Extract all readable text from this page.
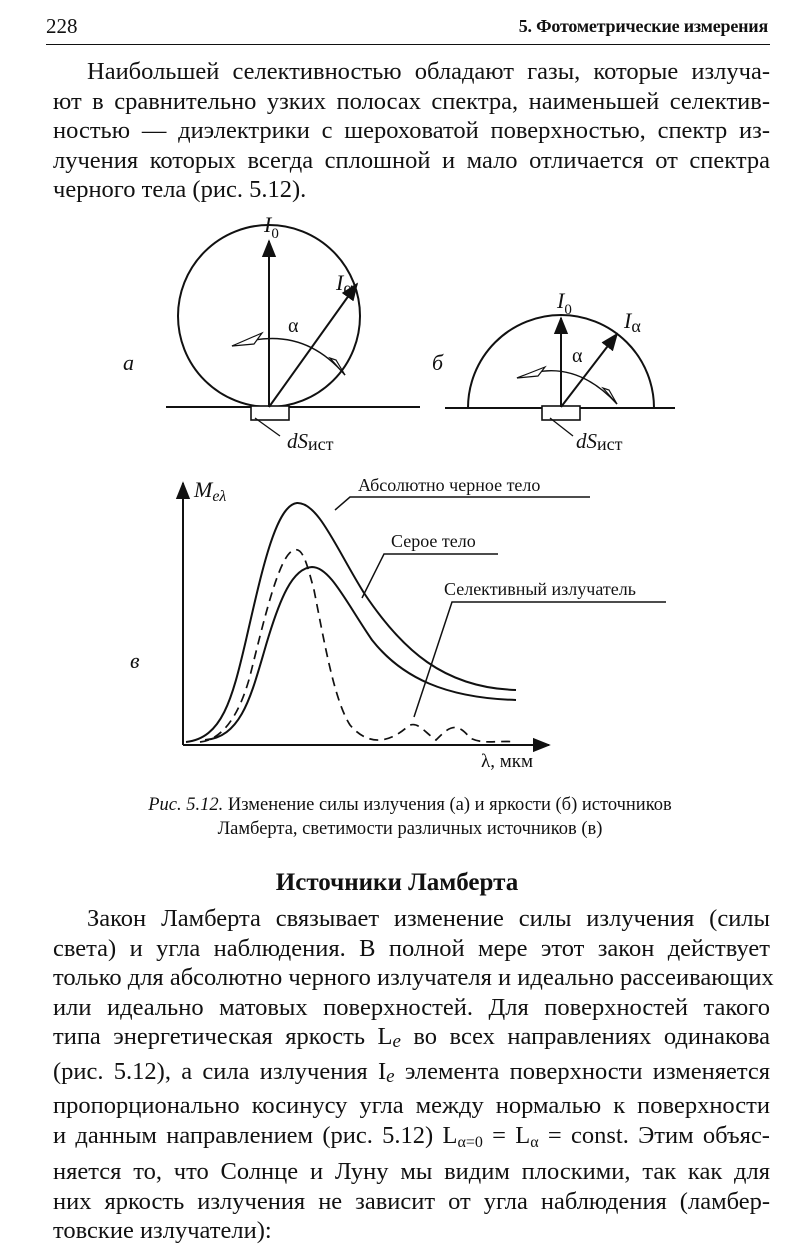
228	5. Фотометрические измерения
Наибольшей селективностью обладают газы, которые излуча-
ют в сравнительно узких полосах спектра, наименьшей селектив-
ностью — диэлектрики с шероховатой поверхностью, спектр из-
лучения которых всегда сплошной и мало отличается от спектра
черного тела (рис. 5.12).
$I_0$
Iα
α
а
dSист
$I_0$ Iα
α
б
dSист
Meλ
λ, мкм
в
Абсолютно черное тело
Серое тело
Селективный излучатель
Рис. 5.12. Изменение силы излучения (а) и яркости (б) источников
Ламберта, светимости различных источников (в)
Источники Ламберта
Закон Ламберта связывает изменение силы излучения (силы
света) и угла наблюдения. В полной мере этот закон действует
только для абсолютно черного излучателя и идеально рассеивающих
или идеально матовых поверхностей. Для поверхностей такого
типа энергетическая яркость Le во всех направлениях одинакова
(рис. 5.12), а сила излучения Ie элемента поверхности изменяется
пропорционально косинусу угла между нормалью к поверхности
и данным направлением (рис. 5.12) Lα=0 = Lα = const. Этим объяс-
няется то, что Солнце и Луну мы видим плоскими, так как для
них яркость излучения не зависит от угла наблюдения (ламбер-
товские излучатели):
